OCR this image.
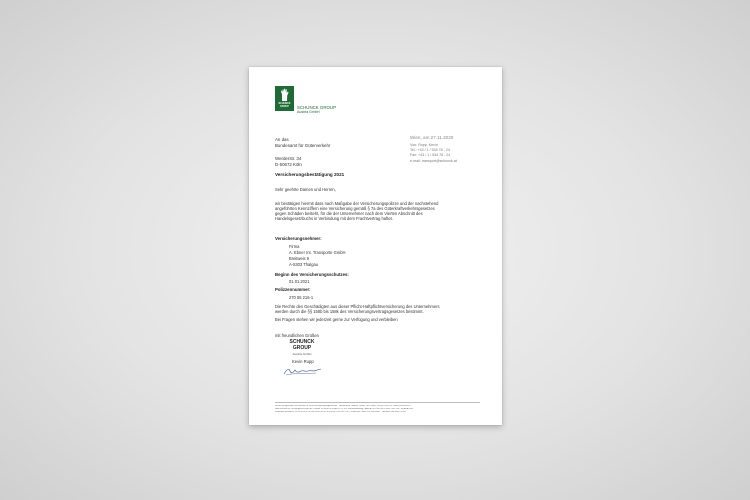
SCHUNCK GROUP	SCHUNCK GROUP
Austria GmbH
An das
Bundesamt für Güterverkehr
Werderstr. 34
D-50672 Köln
Wien, am 27.11.2020
Von: Rupp, Kevin
Tel.: +43 / 1 / 534 78 - 24
Fax: +43 / 1 / 534 78 - 24
e-mail: transport@schunck.at
Versicherungsbestätigung 2021
Sehr geehrte Damen und Herren,
wir bestätigen hiermit dass nach Maßgabe der Versicherungspolizze und der nachstehend
angeführten Kennziffern eine Versicherung gemäß § 7a des Güterkraftverkehrsgesetzes
gegen Schäden besteht, für die der Unternehmer nach dem Vierten Abschnitt des
Handelsgesetzbuchs in Verbindung mit dem Frachtvertrag haftet.
Versicherungsnehmer:
Firma
A. Ebner Int. Transporte GmbH
Breitweis 9
A-5303 Thalgau
Beginn des Versicherungsschutzes:
01.01.2021
Polizzennummer:
270 55 216-1
Die Rechte des Geschädigten aus dieser Pflicht-Haftpflichtversicherung des Unternehmers
werden durch die §§ 158b bis 158k des Versicherungsvertragsgesetzes bestimmt.
Bei Fragen stehen wir jederzeit gerne zur Verfügung und verbleiben
mit freundlichen Grüßen
SCHUNCK
GROUP
Austria GmbH
Kevin Rupp
Versicherungsmakler und Berater in Versicherungsangelegenheiten · Handelsbad, 8BBSB, Strobl, 1820 Wien, +43(0)1/53478-0, office@schunck.at
www.schunck.at, Tochtergesellschaft der OSKAR SCHUNCK GmbH & Co. KG, Bankverbindung: IBAN AT94 1200 0423 5465 2565, BIC: BKAUATWW
Firmenbuchnummer: FN 313476 w, UID ATU64073234, HG Wien, DVR 0627742, GISA-Zahl 26462793, Sitz Wien · Vermittler iSd GewO 1994
